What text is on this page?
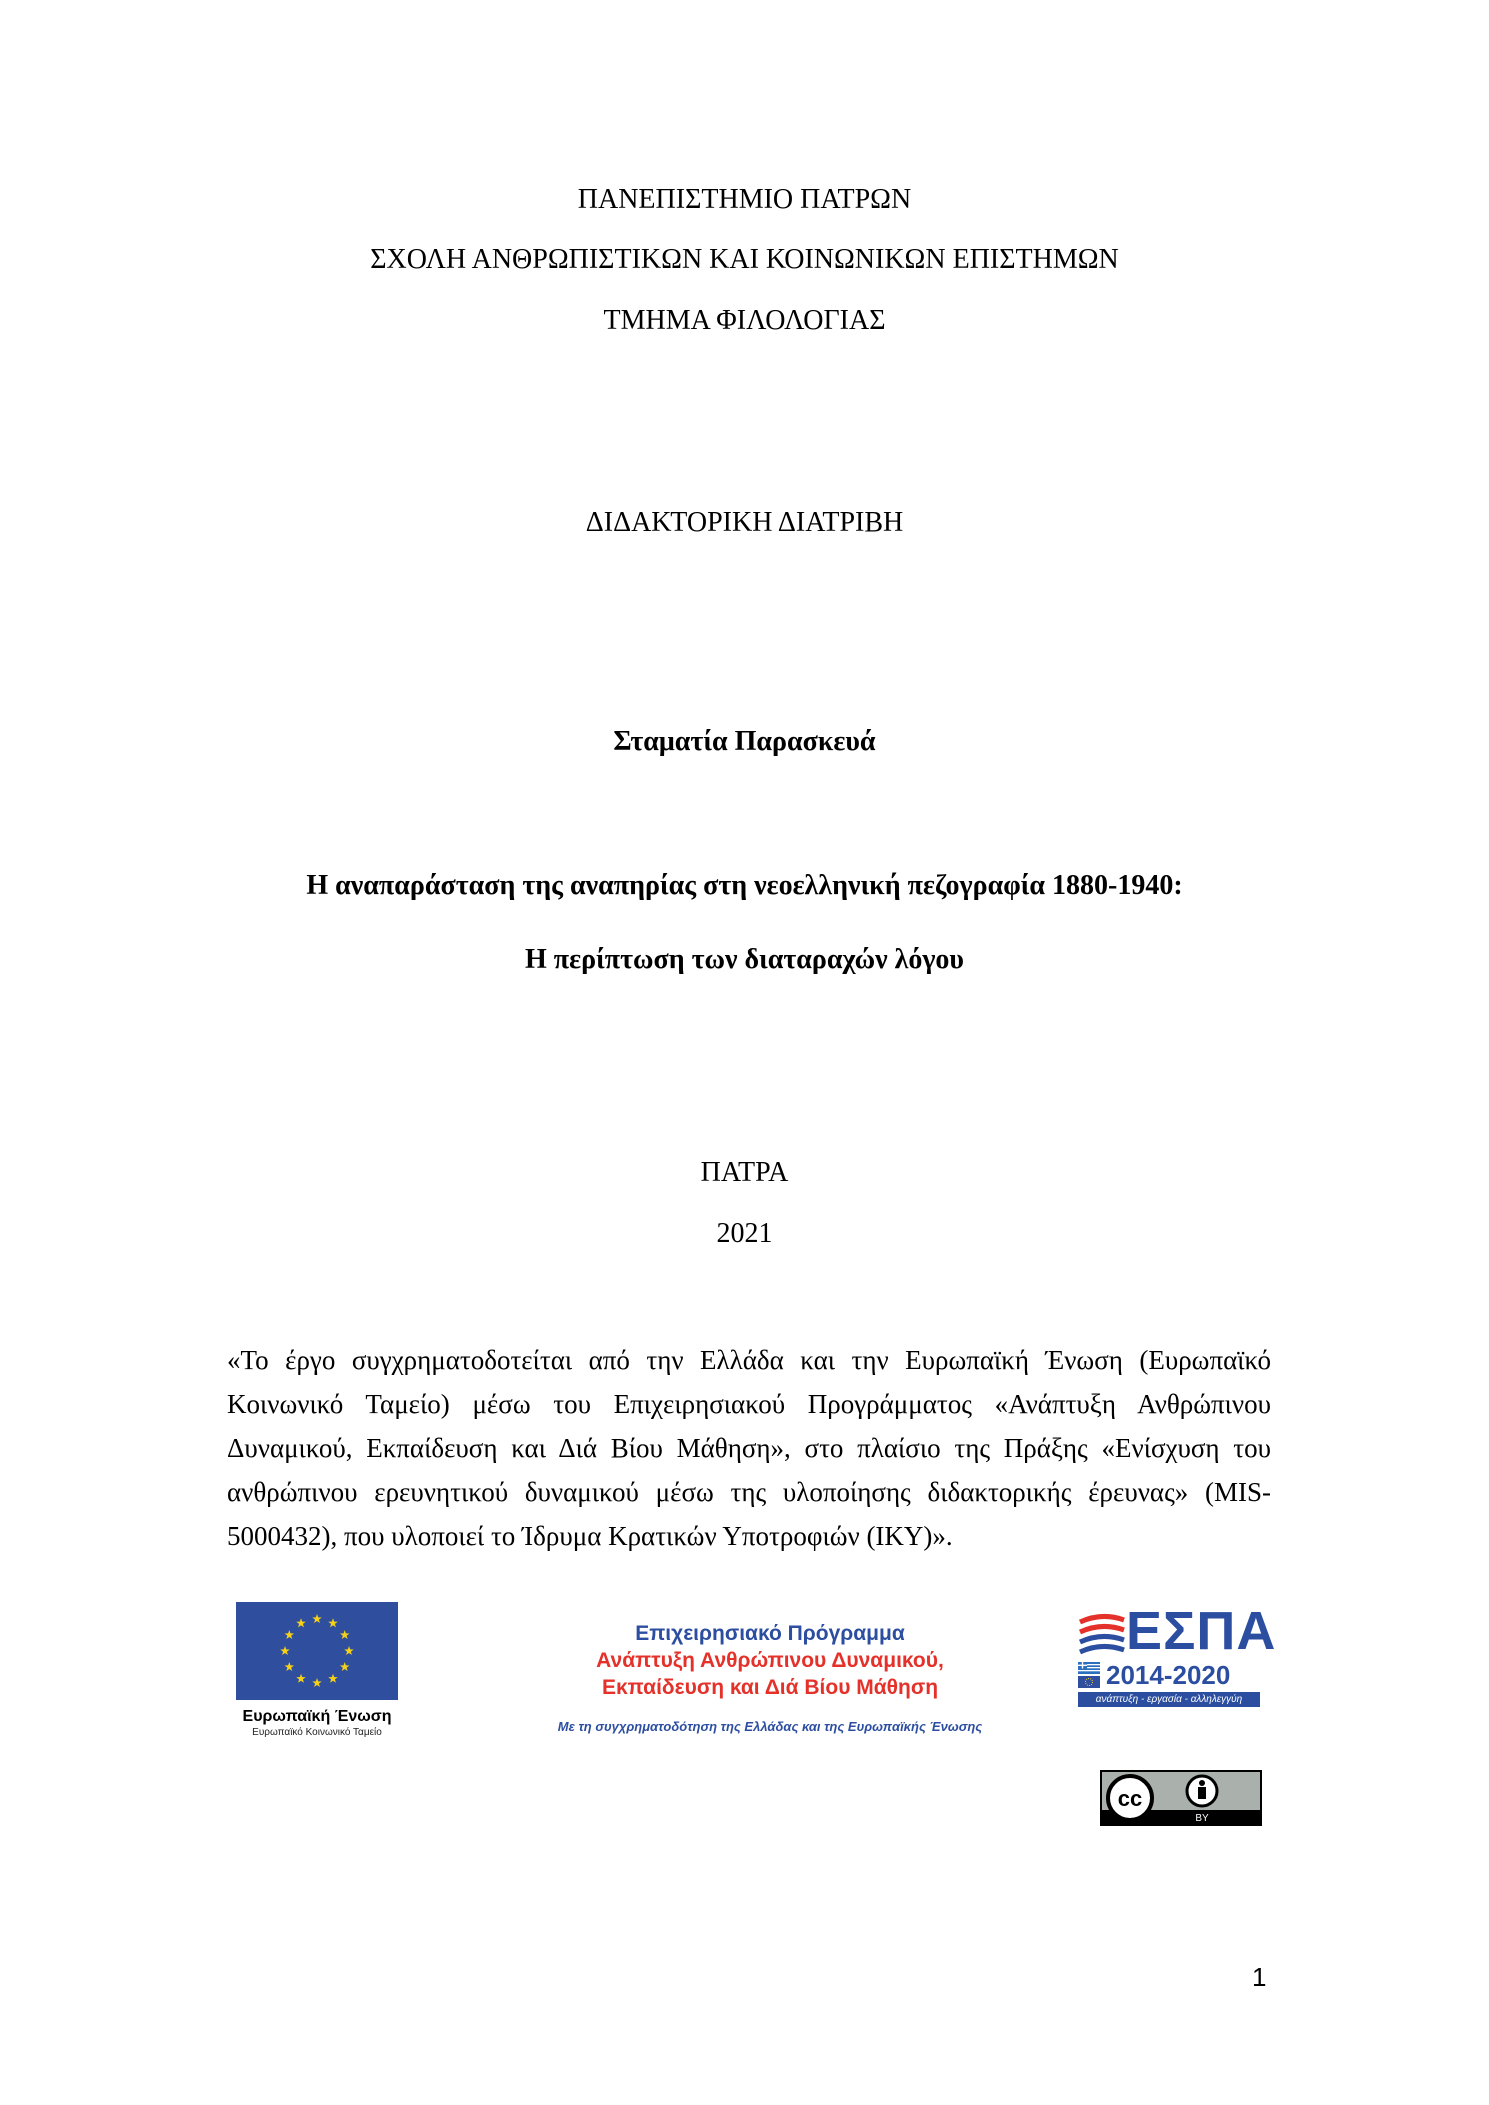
ΠΑΝΕΠΙΣΤΗΜΙΟ ΠΑΤΡΩΝ
ΣΧΟΛΗ ΑΝΘΡΩΠΙΣΤΙΚΩΝ ΚΑΙ ΚΟΙΝΩΝΙΚΩΝ ΕΠΙΣΤΗΜΩΝ
ΤΜΗΜΑ ΦΙΛΟΛΟΓΙΑΣ
ΔΙΔΑΚΤΟΡΙΚΗ ΔΙΑΤΡΙΒΗ
Σταματία Παρασκευά
Η αναπαράσταση της αναπηρίας στη νεοελληνική πεζογραφία 1880-1940:
Η περίπτωση των διαταραχών λόγου
ΠΑΤΡΑ
2021
«Το έργο συγχρηματοδοτείται από την Ελλάδα και την Ευρωπαϊκή Ένωση (Ευρωπαϊκό Κοινωνικό Ταμείο) μέσω του Επιχειρησιακού Προγράμματος «Ανάπτυξη Ανθρώπινου Δυναμικού, Εκπαίδευση και Διά Βίου Μάθηση», στο πλαίσιο της Πράξης «Ενίσχυση του ανθρώπινου ερευνητικού δυναμικού μέσω της υλοποίησης διδακτορικής έρευνας» (MIS-5000432), που υλοποιεί το Ίδρυμα Κρατικών Υποτροφιών (ΙΚΥ)».
Ευρωπαϊκή Ένωση
Ευρωπαϊκό Κοινωνικό Ταμείο
Επιχειρησιακό Πρόγραμμα
Ανάπτυξη Ανθρώπινου Δυναμικού,
Εκπαίδευση και Διά Βίου Μάθηση
Με τη συγχρηματοδότηση της Ελλάδας και της Ευρωπαϊκής Ένωσης
ΕΣΠΑ
2014-2020
ανάπτυξη - εργασία - αλληλεγγύη
cc
BY
1
